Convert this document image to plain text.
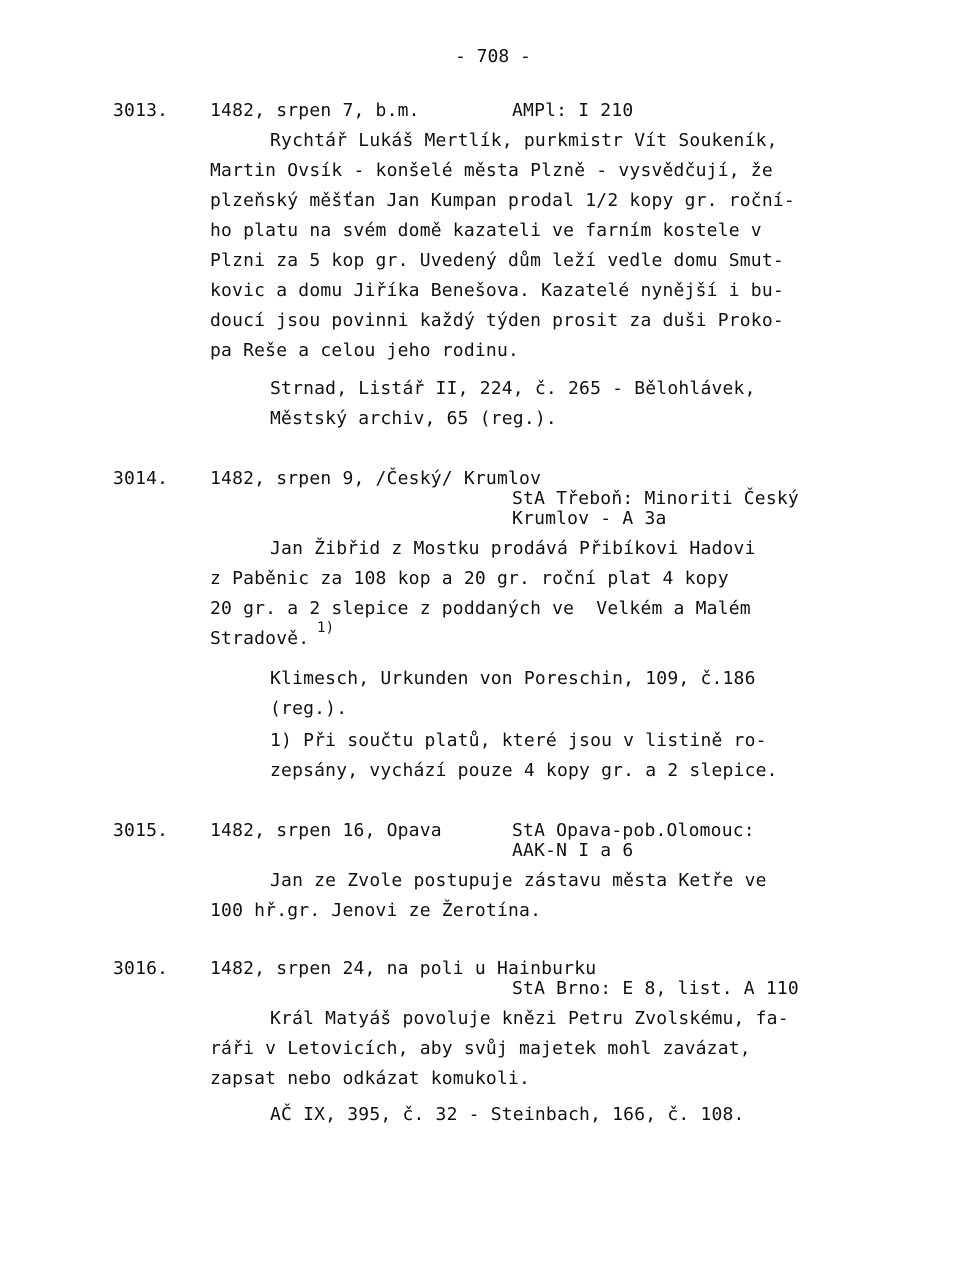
- 708 -
3013. 1482, srpen 7, b.m.	AMPl: I 210
Rychtář Lukáš Mertlík, purkmistr Vít Soukeník,
Martin Ovsík - konšelé města Plzně - vysvědčují, že
plzeňský měšťan Jan Kumpan prodal 1/2 kopy gr. roční-
ho platu na svém domě kazateli ve farním kostele v
Plzni za 5 kop gr. Uvedený dům leží vedle domu Smut-
kovic a domu Jiříka Benešova. Kazatelé nynější i bu-
doucí jsou povinni každý týden prosit za duši Proko-
pa Reše a celou jeho rodinu.
Strnad, Listář II, 224, č. 265 - Bělohlávek,
Městský archiv, 65 (reg.).
3014. 1482, srpen 9, /Český/ Krumlov
StA Třeboň: Minoriti Český
Krumlov - A 3a
Jan Žibřid z Mostku prodává Přibíkovi Hadovi
z Paběnic za 108 kop a 20 gr. roční plat 4 kopy
20 gr. a 2 slepice z poddaných ve  Velkém a Malém
Stradově. 1)
Klimesch, Urkunden von Poreschin, 109, č.186
(reg.).
1) Při součtu platů, které jsou v listině ro-
zepsány, vychází pouze 4 kopy gr. a 2 slepice.
3015. 1482, srpen 16, Opava	StA Opava-pob.Olomouc:
AAK-N I a 6
Jan ze Zvole postupuje zástavu města Ketře ve
100 hř.gr. Jenovi ze Žerotína.
3016. 1482, srpen 24, na poli u Hainburku
StA Brno: E 8, list. A 110
Král Matyáš povoluje knězi Petru Zvolskému, fa-
ráři v Letovicích, aby svůj majetek mohl zavázat,
zapsat nebo odkázat komukoli.
AČ IX, 395, č. 32 - Steinbach, 166, č. 108.
